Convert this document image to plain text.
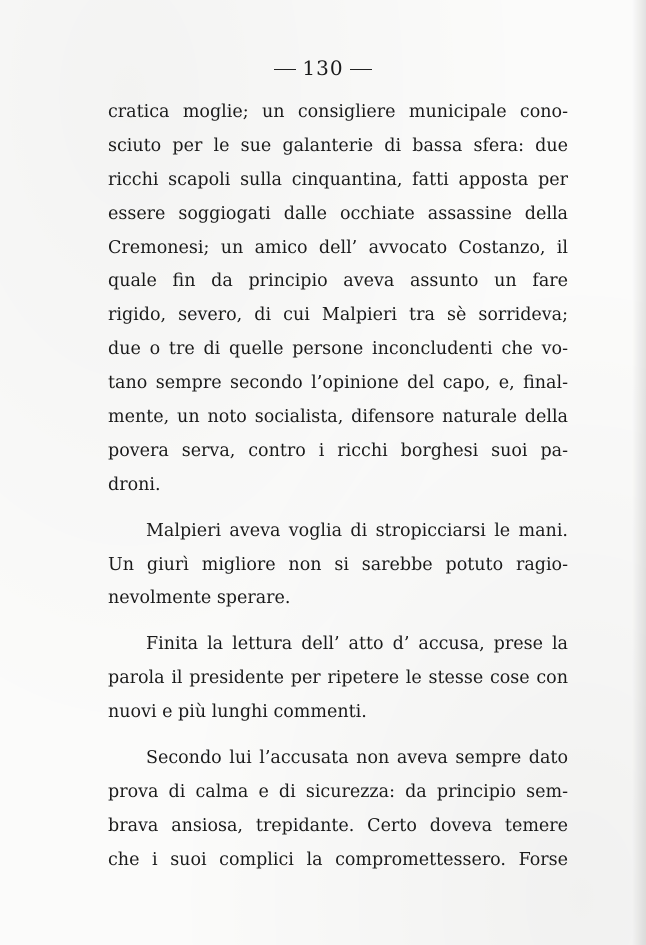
130
cratica moglie; un consigliere municipale cono-
sciuto per le sue galanterie di bassa sfera: due
ricchi scapoli sulla cinquantina, fatti apposta per
essere soggiogati dalle occhiate assassine della
Cremonesi; un amico dell’ avvocato Costanzo, il
quale fin da principio aveva assunto un fare
rigido, severo, di cui Malpieri tra sè sorrideva;
due o tre di quelle persone inconcludenti che vo-
tano sempre secondo l’opinione del capo, e, final-
mente, un noto socialista, difensore naturale della
povera serva, contro i ricchi borghesi suoi pa-
droni.
Malpieri aveva voglia di stropicciarsi le mani.
Un giurì migliore non si sarebbe potuto ragio-
nevolmente sperare.
Finita la lettura dell’ atto d’ accusa, prese la
parola il presidente per ripetere le stesse cose con
nuovi e più lunghi commenti.
Secondo lui l’accusata non aveva sempre dato
prova di calma e di sicurezza: da principio sem-
brava ansiosa, trepidante. Certo doveva temere
che i suoi complici la compromettessero. Forse
